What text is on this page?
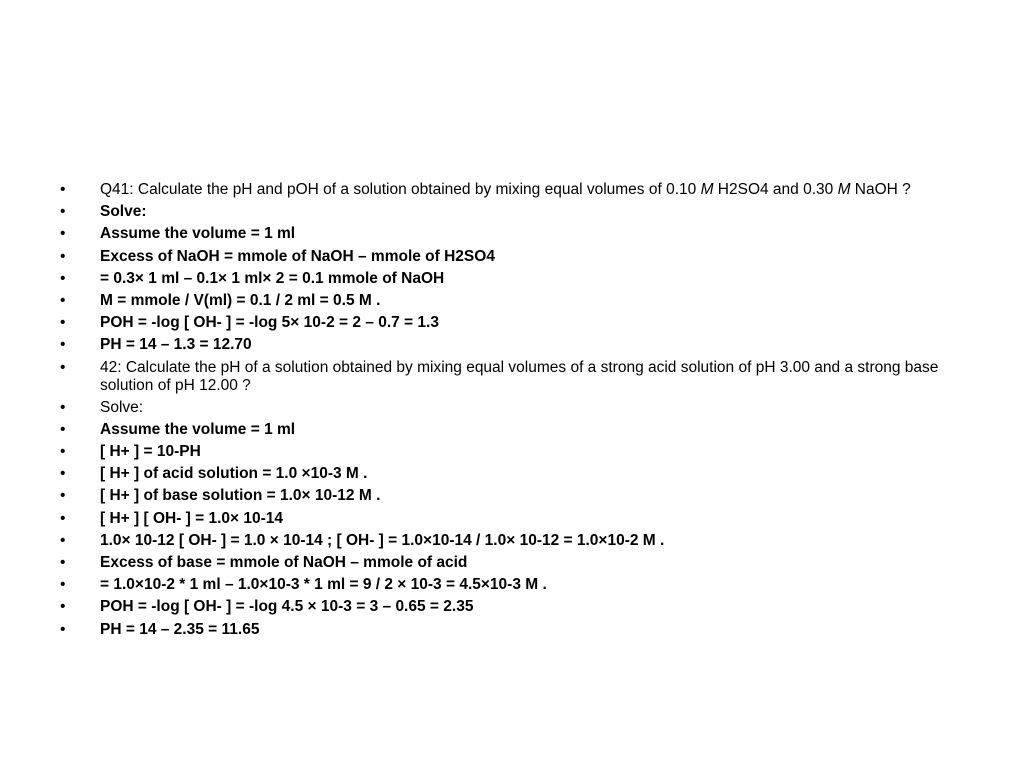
•	Q41: Calculate the pH and pOH of a solution obtained by mixing equal volumes of 0.10 M H2SO4 and 0.30 M NaOH ?
•	Solve:
•	Assume the volume = 1 ml
•	Excess of NaOH = mmole of NaOH – mmole of H2SO4
•	= 0.3× 1 ml – 0.1× 1 ml× 2 = 0.1 mmole of NaOH
•	M = mmole / V(ml) = 0.1 / 2 ml = 0.5 M .
•	POH = -log [ OH- ] = -log 5× 10-2 = 2 – 0.7 = 1.3
•	PH = 14 – 1.3 = 12.70
•	42: Calculate the pH of a solution obtained by mixing equal volumes of a strong acid solution of pH 3.00 and a strong base solution of pH 12.00 ?
•	Solve:
•	Assume the volume = 1 ml
•	[ H+ ] = 10-PH
•	[ H+ ] of acid solution = 1.0 ×10-3 M .
•	[ H+ ] of base solution = 1.0× 10-12 M .
•	[ H+ ] [ OH- ] = 1.0× 10-14
•	1.0× 10-12 [ OH- ] = 1.0 × 10-14 ; [ OH- ] = 1.0×10-14 / 1.0× 10-12 = 1.0×10-2 M .
•	Excess of base = mmole of NaOH – mmole of acid
•	= 1.0×10-2 * 1 ml – 1.0×10-3 * 1 ml = 9 / 2 × 10-3 = 4.5×10-3 M .
•	POH = -log [ OH- ] = -log 4.5 × 10-3 = 3 – 0.65 = 2.35
•	PH = 14 – 2.35 = 11.65
